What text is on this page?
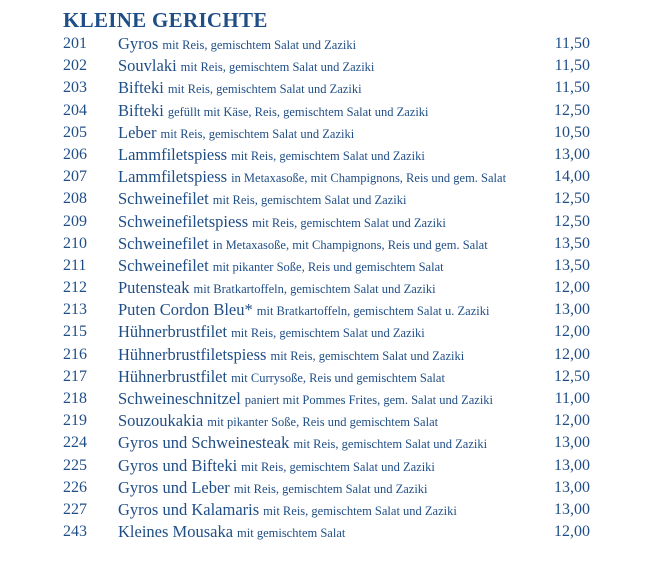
KLEINE GERICHTE
201 Gyros mit Reis, gemischtem Salat und Zaziki	11,50
202 Souvlaki mit Reis, gemischtem Salat und Zaziki	11,50
203 Bifteki mit Reis, gemischtem Salat und Zaziki	11,50
204 Bifteki gefüllt mit Käse, Reis, gemischtem Salat und Zaziki	12,50
205 Leber mit Reis, gemischtem Salat und Zaziki	10,50
206 Lammfiletspiess mit Reis, gemischtem Salat und Zaziki	13,00
207 Lammfiletspiess in Metaxasoße, mit Champignons, Reis und gem. Salat	14,00
208 Schweinefilet mit Reis, gemischtem Salat und Zaziki	12,50
209 Schweinefiletspiess mit Reis, gemischtem Salat und Zaziki	12,50
210 Schweinefilet in Metaxasoße, mit Champignons, Reis und gem. Salat	13,50
211 Schweinefilet mit pikanter Soße, Reis und gemischtem Salat	13,50
212 Putensteak mit Bratkartoffeln, gemischtem Salat und Zaziki	12,00
213 Puten Cordon Bleu* mit Bratkartoffeln, gemischtem Salat u. Zaziki	13,00
215 Hühnerbrustfilet mit Reis, gemischtem Salat und Zaziki	12,00
216 Hühnerbrustfiletspiess mit Reis, gemischtem Salat und Zaziki	12,00
217 Hühnerbrustfilet mit Currysoße, Reis und gemischtem Salat	12,50
218 Schweineschnitzel paniert mit Pommes Frites, gem. Salat und Zaziki	11,00
219 Souzoukakia mit pikanter Soße, Reis und gemischtem Salat	12,00
224 Gyros und Schweinesteak mit Reis, gemischtem Salat und Zaziki	13,00
225 Gyros und Bifteki mit Reis, gemischtem Salat und Zaziki	13,00
226 Gyros und Leber mit Reis, gemischtem Salat und Zaziki	13,00
227 Gyros und Kalamaris mit Reis, gemischtem Salat und Zaziki	13,00
243 Kleines Mousaka mit gemischtem Salat	12,00
